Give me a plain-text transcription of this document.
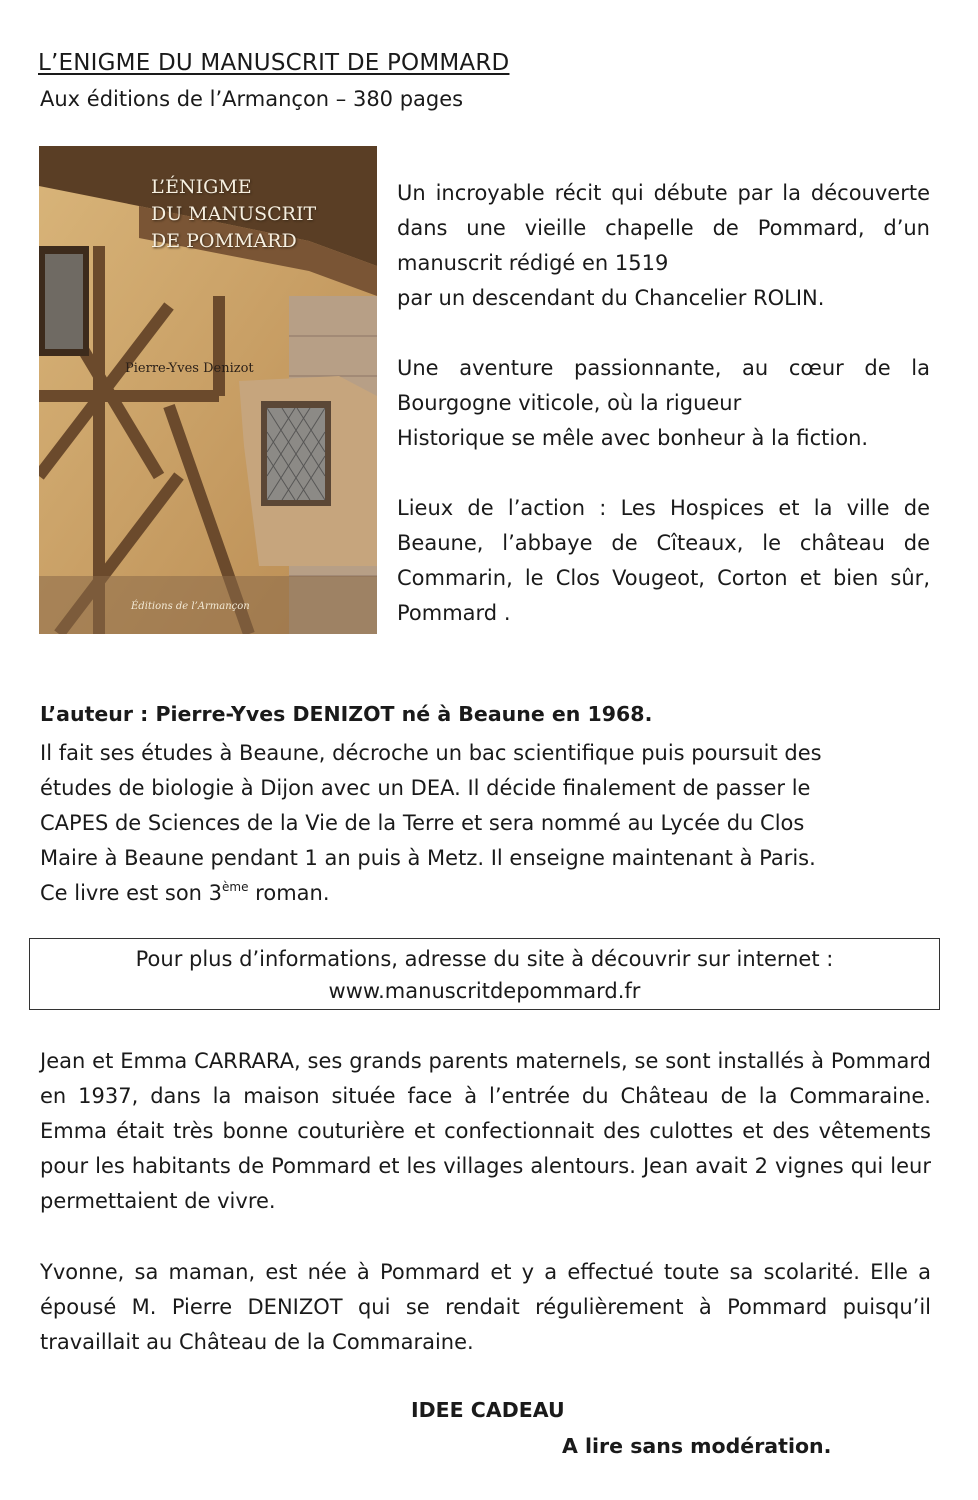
L’ENIGME DU MANUSCRIT DE POMMARD
Aux éditions de l’Armançon – 380 pages
L’ÉNIGME
DU MANUSCRIT
DE POMMARD
Pierre-Yves Denizot
Éditions de l’Armançon

Un incroyable récit qui débute par la découverte dans une vieille chapelle de Pommard, d’un manuscrit rédigé en 1519

par un descendant du Chancelier ROLIN.

Une aventure passionnante, au cœur de la Bourgogne viticole, où la rigueur

Historique se mêle avec bonheur à la fiction.

Lieux de l’action : Les Hospices et la ville de Beaune, l’abbaye de Cîteaux, le château de Commarin, le Clos Vougeot, Corton et bien sûr, Pommard .

L’auteur : Pierre-Yves DENIZOT né à Beaune en 1968.
Il fait ses études à Beaune, décroche un bac scientifique puis poursuit des
études de biologie à Dijon avec un DEA. Il décide finalement de passer le
CAPES de Sciences de la Vie de la Terre et sera nommé au Lycée du Clos
Maire à Beaune pendant 1 an puis à Metz. Il enseigne maintenant à Paris.
Ce livre est son 3ème roman.
Pour plus d’informations, adresse du site à découvrir sur internet :
www.manuscritdepommard.fr

Jean et Emma CARRARA, ses grands parents maternels, se sont installés à Pommard en 1937, dans la maison située face à l’entrée du Château de la Commaraine. Emma était très bonne couturière et confectionnait des culottes et des vêtements pour les habitants de Pommard et les villages alentours. Jean avait 2 vignes qui leur permettaient de vivre.

Yvonne, sa maman, est née à Pommard et y a effectué toute sa scolarité. Elle a épousé M. Pierre DENIZOT qui se rendait régulièrement à Pommard puisqu’il travaillait au Château de la Commaraine.

IDEE CADEAU
A lire sans modération.
